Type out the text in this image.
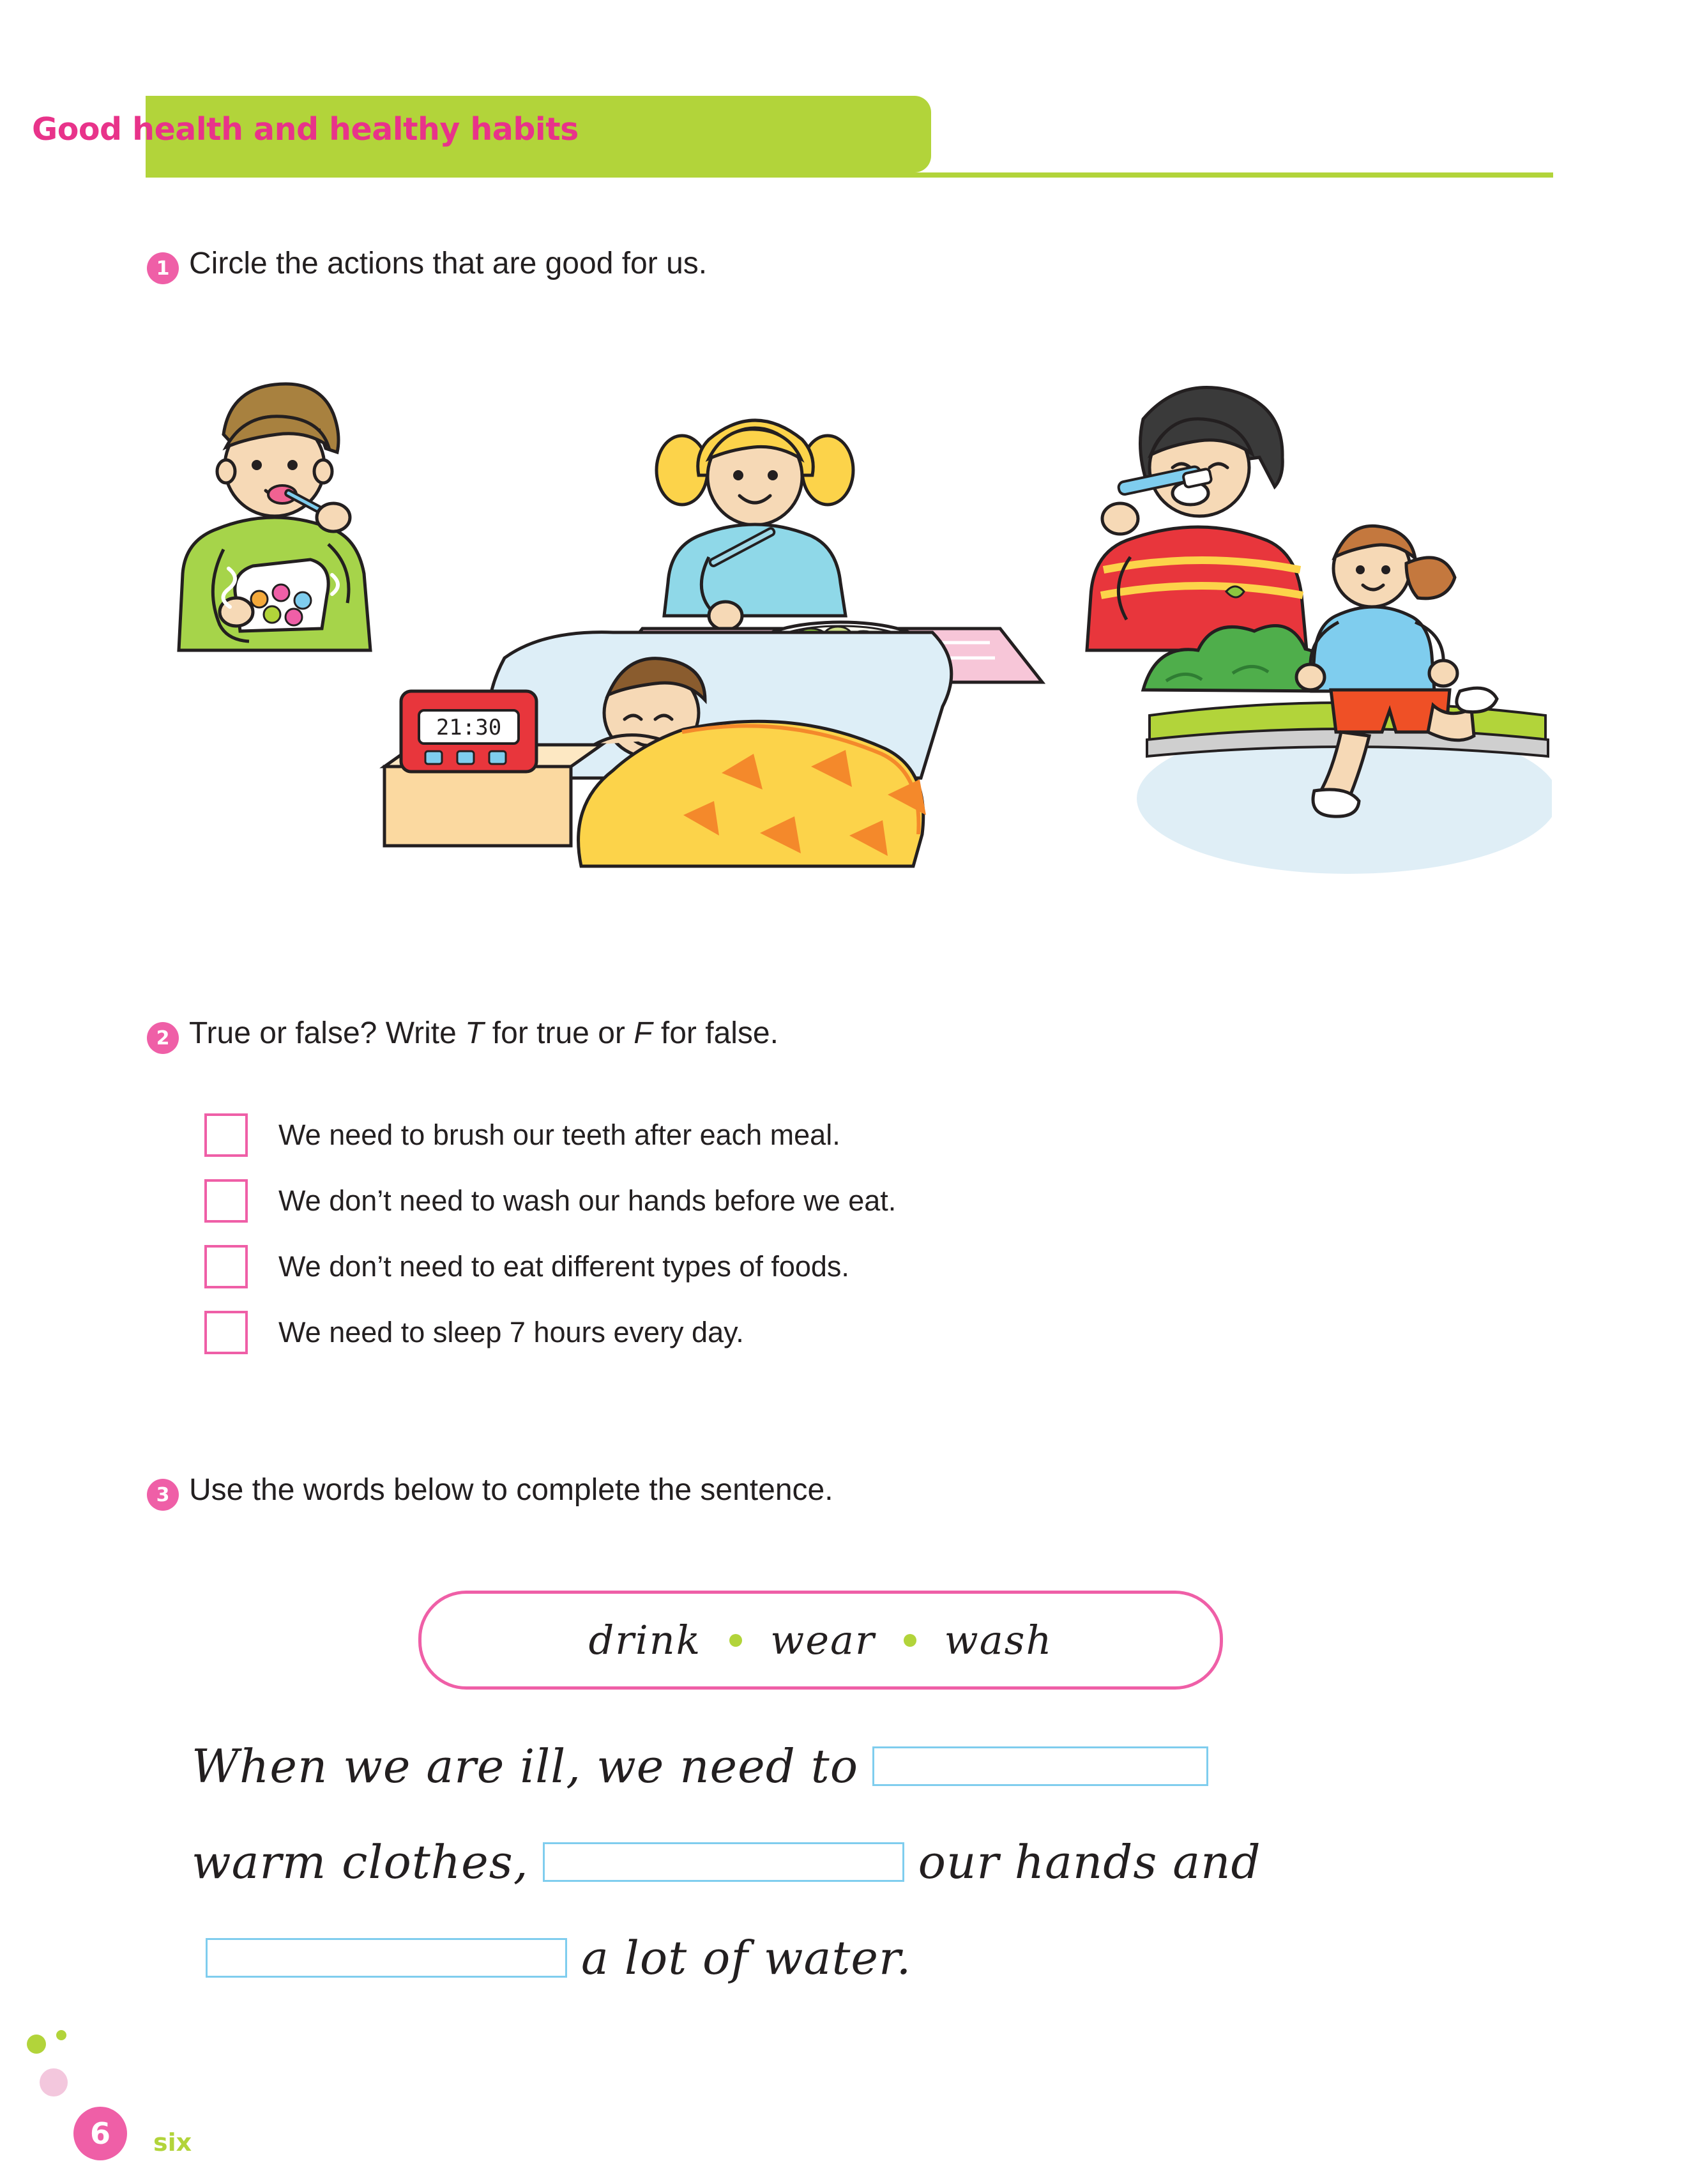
Good health and healthy habits
1 Circle the actions that are good for us.
21:30
2 True or false? Write T for true or F for false.
We need to brush our teeth after each meal.
We don’t need to wash our hands before we eat.
We don’t need to eat different types of foods.
We need to sleep 7 hours every day.
3 Use the words below to complete the sentence.
drink wear wash
When we are ill, we need to
warm clothes,	our hands and
a lot of water.
6	six
